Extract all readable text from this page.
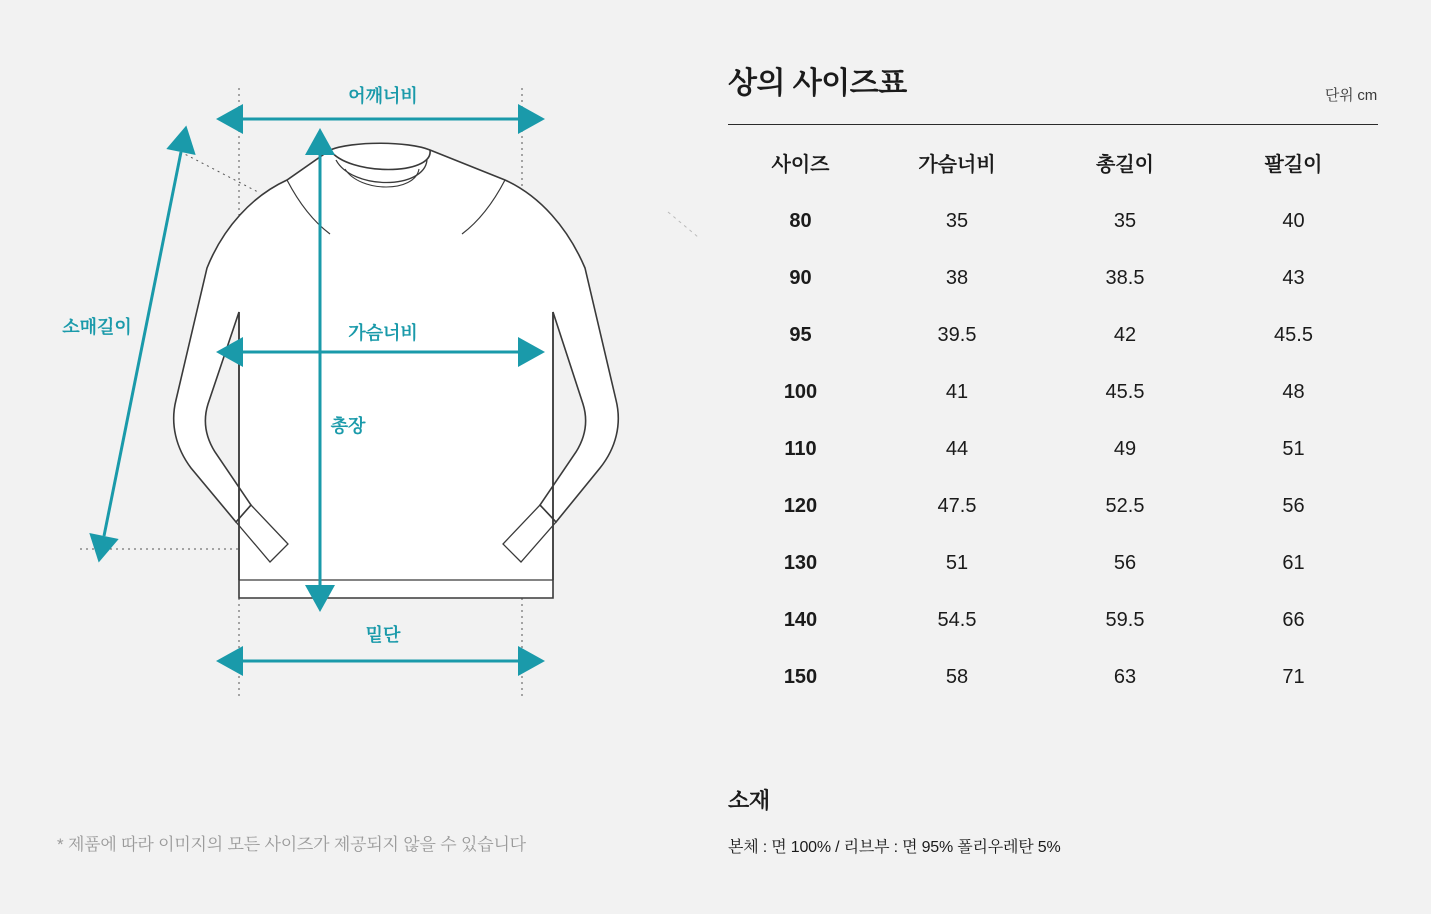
어깨너비
가슴너비
밑단
총장
소매길이
* 제품에 따라 이미지의 모든 사이즈가 제공되지 않을 수 있습니다
상의 사이즈표	단위 cm
사이즈	가슴너비	총길이	팔길이
80	35	35	40
90	38	38.5	43
95	39.5	42	45.5
100	41	45.5	48
110	44	49	51
120	47.5	52.5	56
130	51	56	61
140	54.5	59.5	66
150	58	63	71
소재
본체 : 면 100% / 리브부 : 면 95% 폴리우레탄 5%
